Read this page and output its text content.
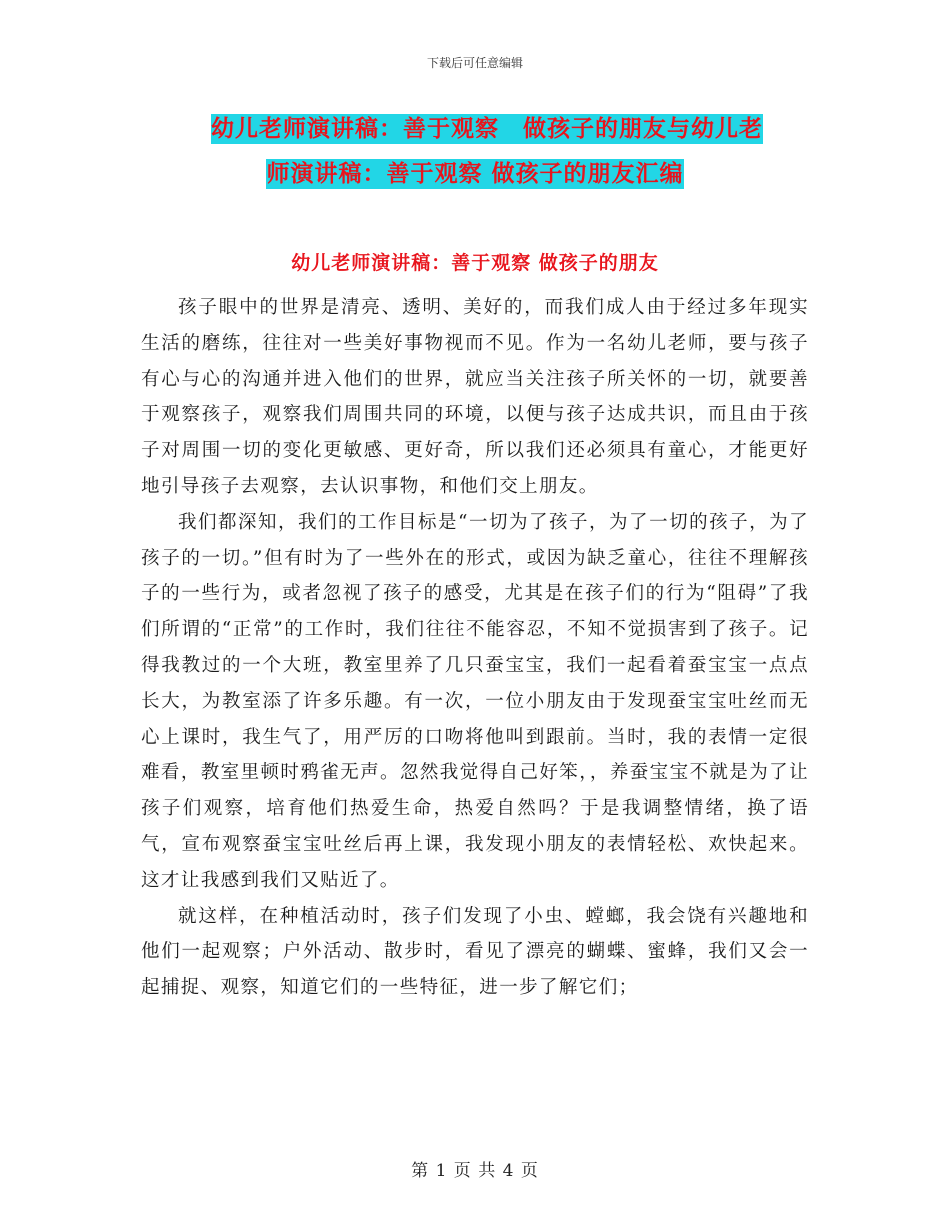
下载后可任意编辑
幼儿老师演讲稿：善于观察　做孩子的朋友与幼儿老
师演讲稿：善于观察 做孩子的朋友汇编
幼儿老师演讲稿：善于观察 做孩子的朋友

孩子眼中的世界是清亮、透明、美好的，而我们成人由于经过多年现实生活的磨练，往往对一些美好事物视而不见。作为一名幼儿老师，要与孩子有心与心的沟通并进入他们的世界，就应当关注孩子所关怀的一切，就要善于观察孩子，观察我们周围共同的环境，以便与孩子达成共识，而且由于孩子对周围一切的变化更敏感、更好奇，所以我们还必须具有童心，才能更好地引导孩子去观察，去认识事物，和他们交上朋友。

我们都深知，我们的工作目标是“一切为了孩子，为了一切的孩子，为了孩子的一切。”但有时为了一些外在的形式，或因为缺乏童心，往往不理解孩子的一些行为，或者忽视了孩子的感受，尤其是在孩子们的行为“阻碍”了我们所谓的“正常”的工作时，我们往往不能容忍，不知不觉损害到了孩子。记得我教过的一个大班，教室里养了几只蚕宝宝，我们一起看着蚕宝宝一点点长大，为教室添了许多乐趣。有一次，一位小朋友由于发现蚕宝宝吐丝而无心上课时，我生气了，用严厉的口吻将他叫到跟前。当时，我的表情一定很难看，教室里顿时鸦雀无声。忽然我觉得自己好笨，，养蚕宝宝不就是为了让孩子们观察，培育他们热爱生命，热爱自然吗？于是我调整情绪，换了语气，宣布观察蚕宝宝吐丝后再上课，我发现小朋友的表情轻松、欢快起来。这才让我感到我们又贴近了。

就这样，在种植活动时，孩子们发现了小虫、螳螂，我会饶有兴趣地和他们一起观察；户外活动、散步时，看见了漂亮的蝴蝶、蜜蜂，我们又会一起捕捉、观察，知道它们的一些特征，进一步了解它们；

第 1 页 共 4 页
